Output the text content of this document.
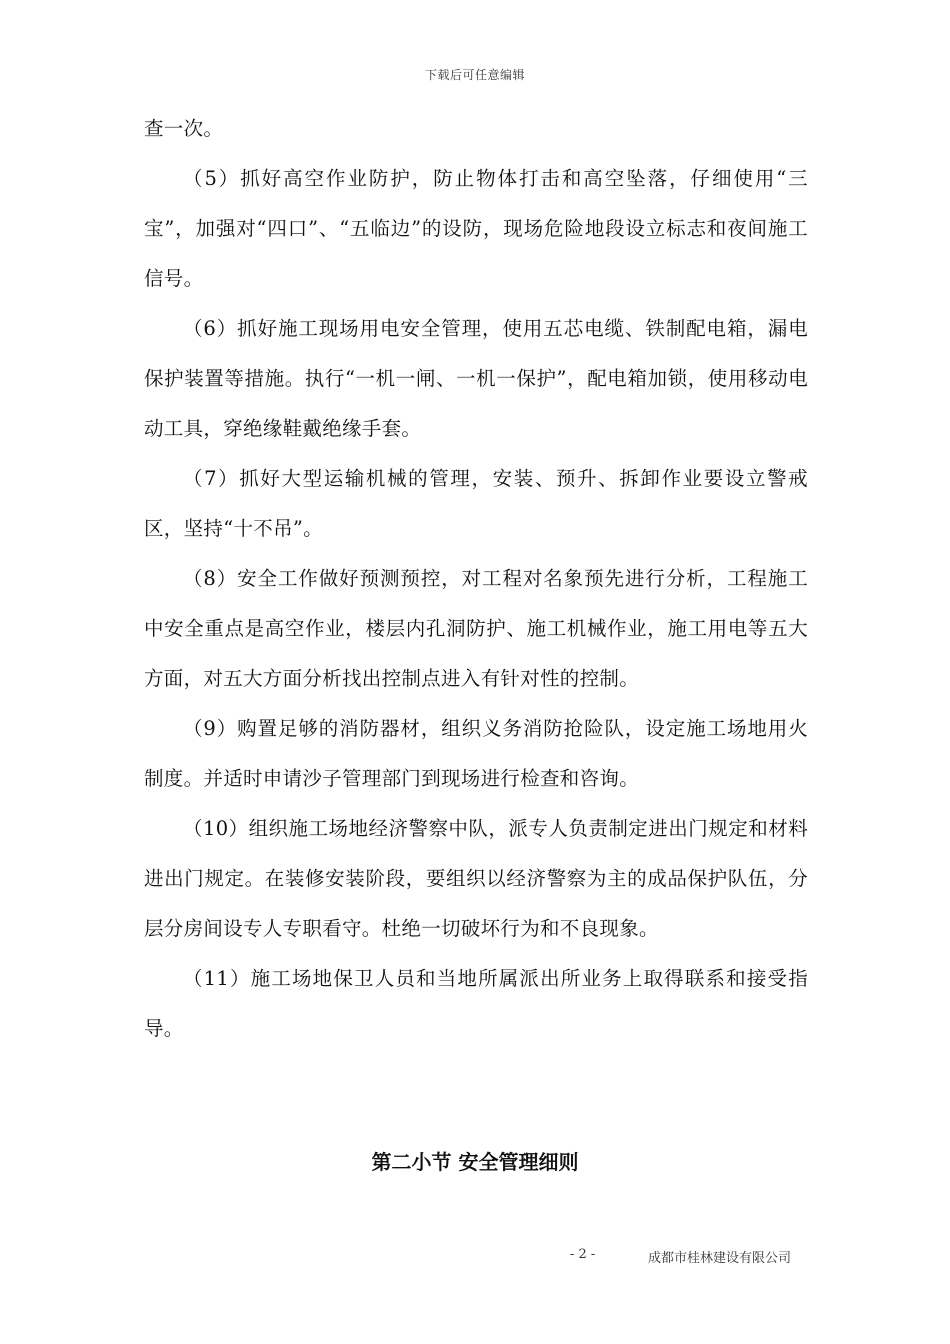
下载后可任意编辑

查一次。

（5）抓好高空作业防护，防止物体打击和高空坠落，仔细使用“三宝”，加强对“四口”、“五临边”的设防，现场危险地段设立标志和夜间施工信号。

（6）抓好施工现场用电安全管理，使用五芯电缆、铁制配电箱，漏电保护装置等措施。执行“一机一闸、一机一保护”，配电箱加锁，使用移动电动工具，穿绝缘鞋戴绝缘手套。

（7）抓好大型运输机械的管理，安装、预升、拆卸作业要设立警戒区，坚持“十不吊”。

（8）安全工作做好预测预控，对工程对名象预先进行分析，工程施工中安全重点是高空作业，楼层内孔洞防护、施工机械作业，施工用电等五大方面，对五大方面分析找出控制点进入有针对性的控制。

（9）购置足够的消防器材，组织义务消防抢险队，设定施工场地用火制度。并适时申请沙子管理部门到现场进行检查和咨询。

（10）组织施工场地经济警察中队，派专人负责制定进出门规定和材料进出门规定。在装修安装阶段，要组织以经济警察为主的成品保护队伍，分层分房间设专人专职看守。杜绝一切破坏行为和不良现象。

（11）施工场地保卫人员和当地所属派出所业务上取得联系和接受指导。

第二小节 安全管理细则
- 2 -	成都市桂林建设有限公司
